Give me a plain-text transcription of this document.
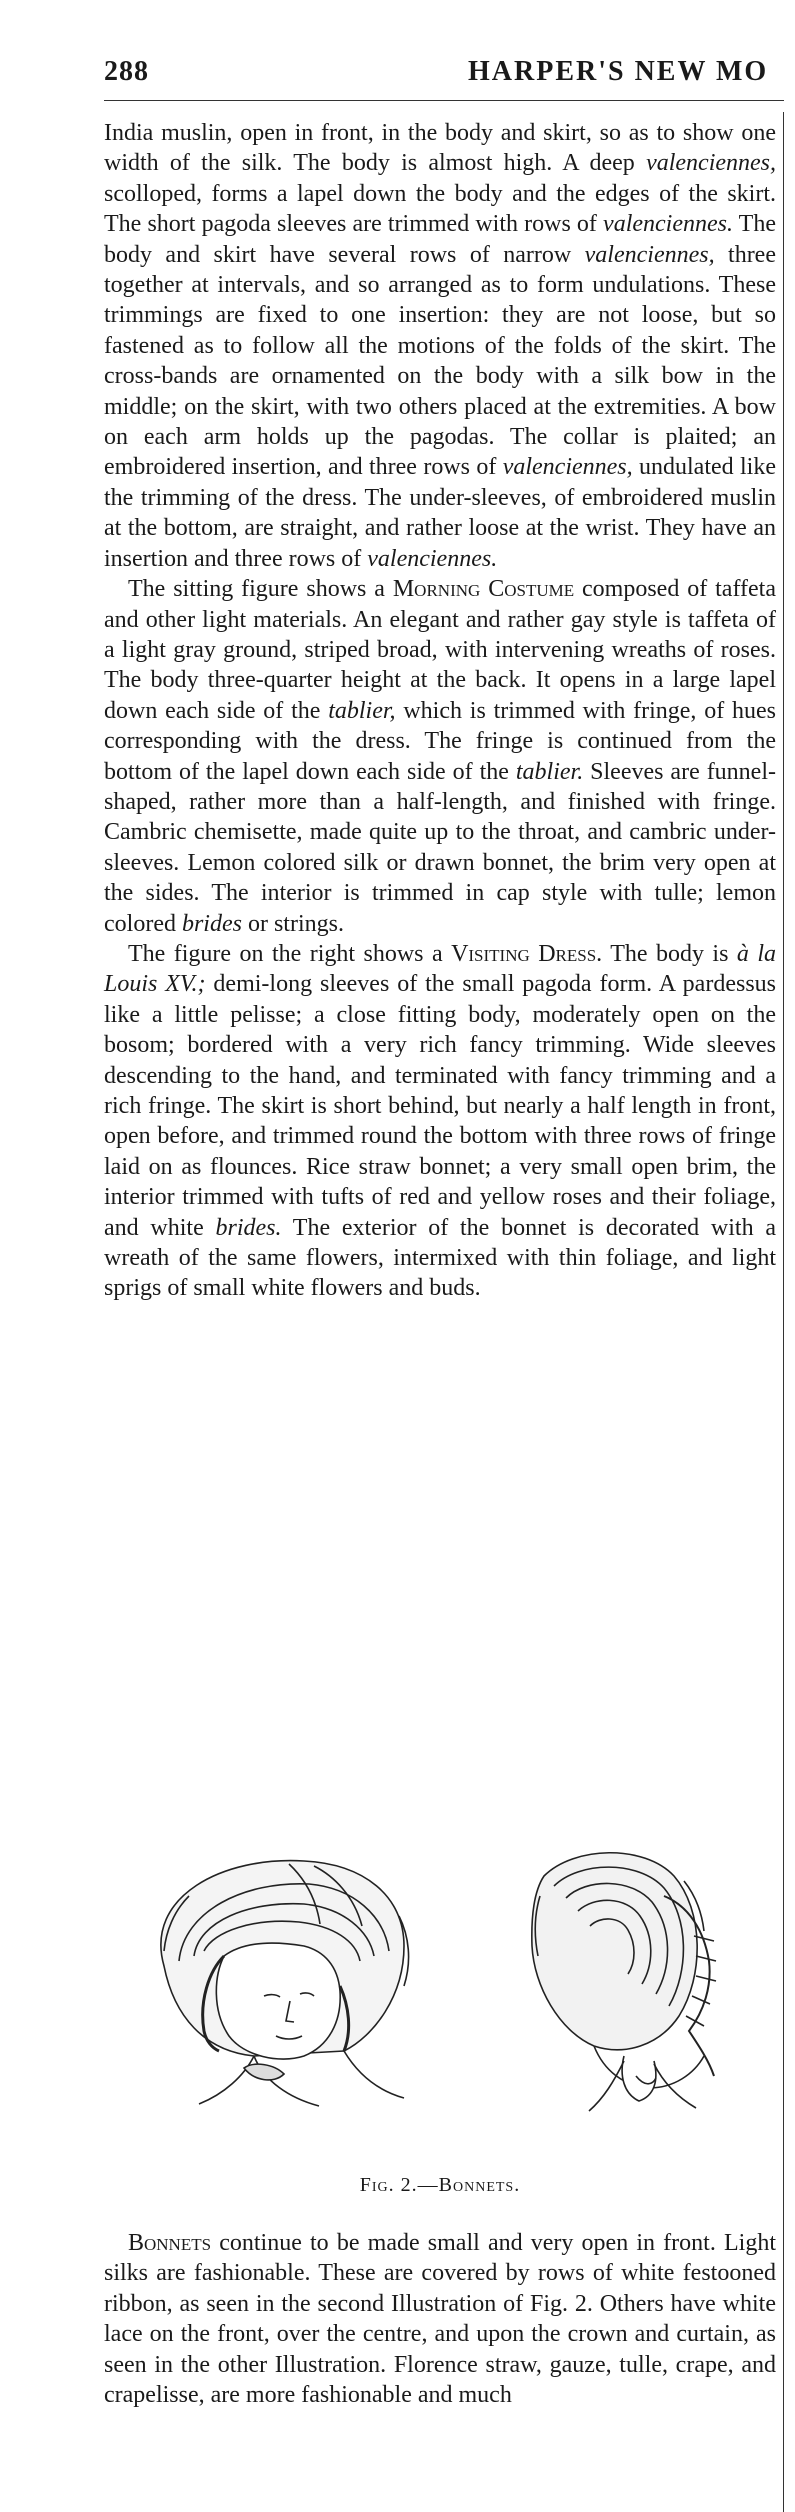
288	HARPER'S NEW MO

India muslin, open in front, in the body and skirt, so as to show one width of the silk. The body is almost high. A deep valenciennes, scolloped, forms a lapel down the body and the edges of the skirt. The short pagoda sleeves are trimmed with rows of valenciennes. The body and skirt have several rows of narrow valenciennes, three together at intervals, and so arranged as to form undulations. These trimmings are fixed to one insertion: they are not loose, but so fastened as to follow all the motions of the folds of the skirt. The cross-bands are ornamented on the body with a silk bow in the middle; on the skirt, with two others placed at the extremities. A bow on each arm holds up the pagodas. The collar is plaited; an embroidered insertion, and three rows of valenciennes, undulated like the trimming of the dress. The under-sleeves, of embroidered muslin at the bottom, are straight, and rather loose at the wrist. They have an insertion and three rows of valenciennes.

The sitting figure shows a Morning Costume composed of taffeta and other light materials. An elegant and rather gay style is taffeta of a light gray ground, striped broad, with intervening wreaths of roses. The body three-quarter height at the back. It opens in a large lapel down each side of the tablier, which is trimmed with fringe, of hues corresponding with the dress. The fringe is continued from the bottom of the lapel down each side of the tablier. Sleeves are funnel-shaped, rather more than a half-length, and finished with fringe. Cambric chemisette, made quite up to the throat, and cambric under-sleeves. Lemon colored silk or drawn bonnet, the brim very open at the sides. The interior is trimmed in cap style with tulle; lemon colored brides or strings.

The figure on the right shows a Visiting Dress. The body is à la Louis XV.; demi-long sleeves of the small pagoda form. A pardessus like a little pelisse; a close fitting body, moderately open on the bosom; bordered with a very rich fancy trimming. Wide sleeves descending to the hand, and terminated with fancy trimming and a rich fringe. The skirt is short behind, but nearly a half length in front, open before, and trimmed round the bottom with three rows of fringe laid on as flounces. Rice straw bonnet; a very small open brim, the interior trimmed with tufts of red and yellow roses and their foliage, and white brides. The exterior of the bonnet is decorated with a wreath of the same flowers, intermixed with thin foliage, and light sprigs of small white flowers and buds.

Fig. 2.—Bonnets.

Bonnets continue to be made small and very open in front. Light silks are fashionable. These are covered by rows of white festooned ribbon, as seen in the second Illustration of Fig. 2. Others have white lace on the front, over the centre, and upon the crown and curtain, as seen in the other Illustration. Florence straw, gauze, tulle, crape, and crapelisse, are more fashionable and much
